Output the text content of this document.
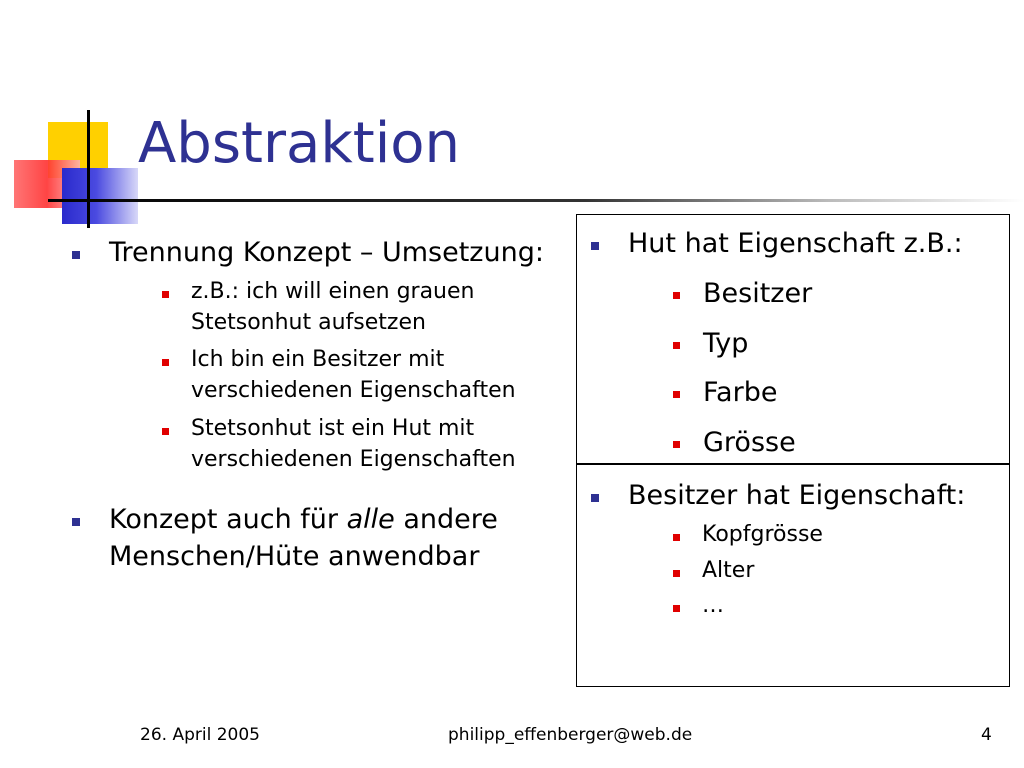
Abstraktion
Trennung Konzept – Umsetzung:
z.B.: ich will einen grauen Stetsonhut aufsetzen
Ich bin ein Besitzer mit verschiedenen Eigenschaften
Stetsonhut ist ein Hut mit verschiedenen Eigenschaften
Konzept auch für alle andere Menschen/Hüte anwendbar
Hut hat Eigenschaft z.B.:
Besitzer
Typ
Farbe
Grösse
Besitzer hat Eigenschaft:
Kopfgrösse
Alter
…
26. April 2005	philipp_effenberger@web.de	4
